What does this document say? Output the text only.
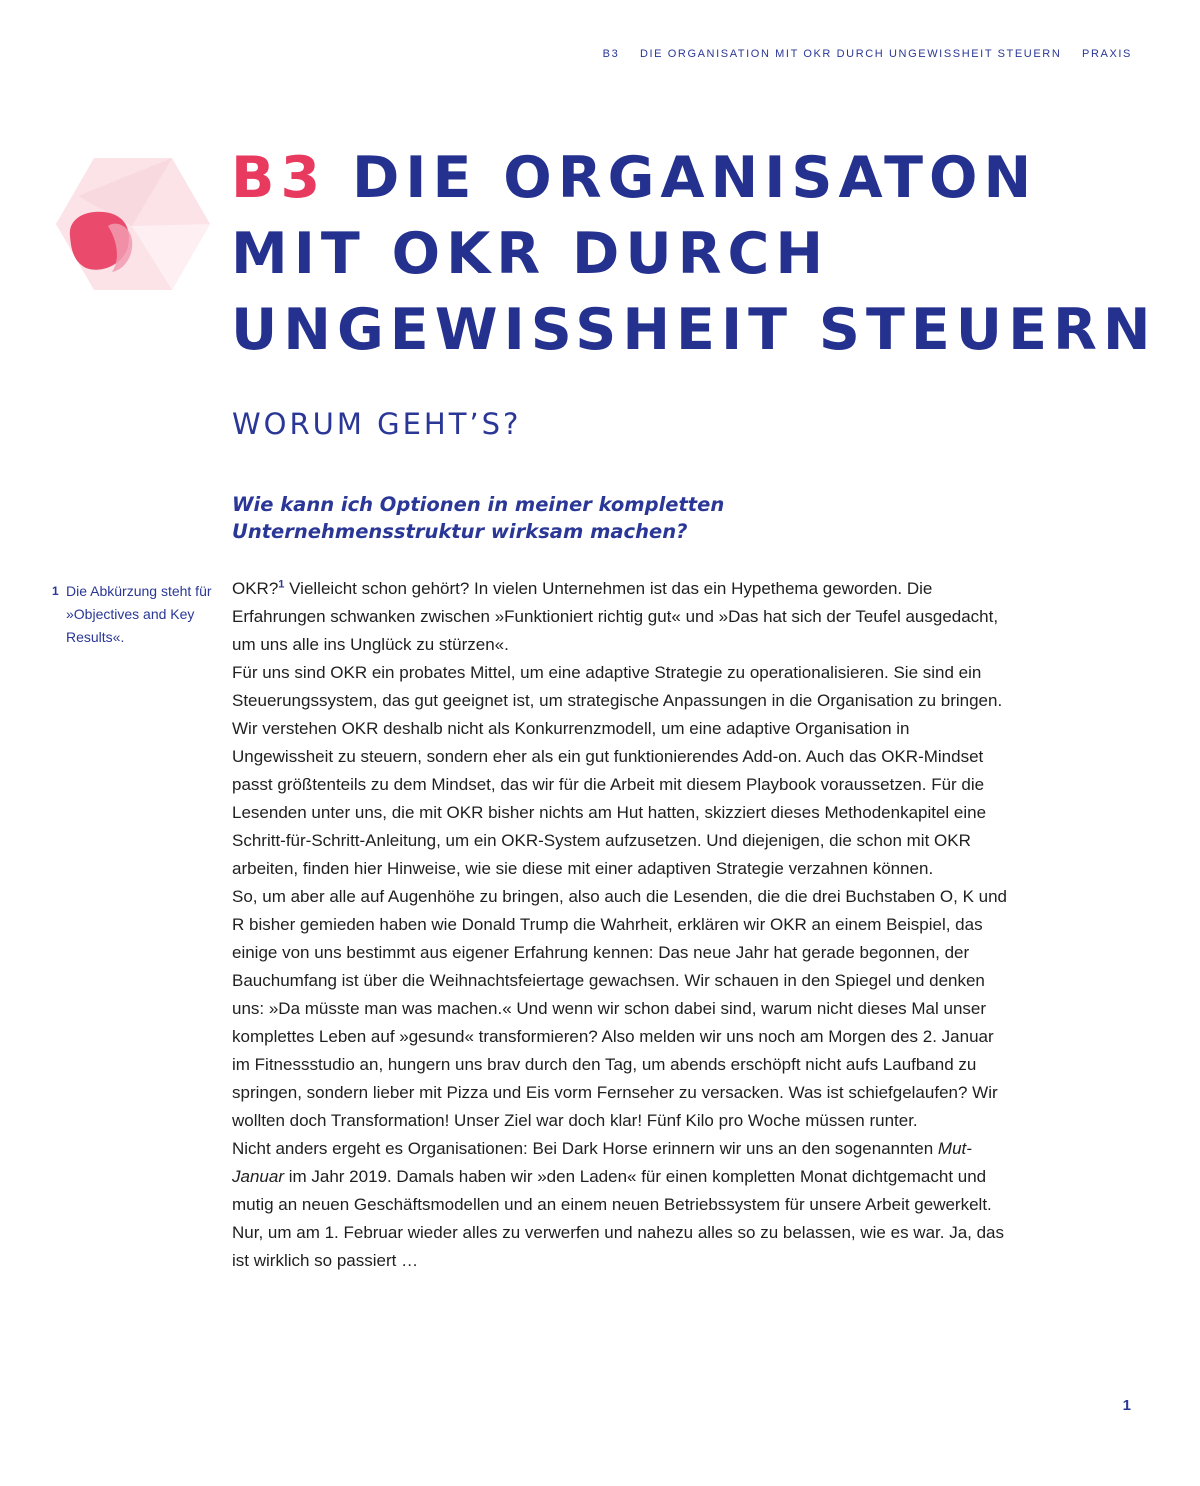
B3 DIE ORGANISATION MIT OKR DURCH UNGEWISSHEIT STEUERN PRAXIS
B3 DIE ORGANISATON
MIT OKR DURCH
UNGEWISSHEIT STEUERN
WORUM GEHT’S?

Wie kann ich Optionen in meiner kompletten Unternehmensstruktur wirksam machen?

1 Die Abkürzung steht für »Objectives and Key Results«.

OKR?$^1$ Vielleicht schon gehört? In vielen Unternehmen ist das ein Hypethema geworden. Die Erfahrungen schwanken zwischen »Funktioniert richtig gut« und »Das hat sich der Teufel ausgedacht, um uns alle ins Unglück zu stürzen«.

Für uns sind OKR ein probates Mittel, um eine adaptive Strategie zu operationalisieren. Sie sind ein Steuerungssystem, das gut geeignet ist, um strategische Anpassungen in die Organisation zu bringen. Wir verstehen OKR deshalb nicht als Konkurrenzmodell, um eine adaptive Organisation in Ungewissheit zu steuern, sondern eher als ein gut funktionierendes Add-on. Auch das OKR-Mindset passt größtenteils zu dem Mindset, das wir für die Arbeit mit diesem Playbook voraussetzen. Für die Lesenden unter uns, die mit OKR bisher nichts am Hut hatten, skizziert dieses Methodenkapitel eine Schritt-für-Schritt-Anleitung, um ein OKR-System aufzusetzen. Und diejenigen, die schon mit OKR arbeiten, finden hier Hinweise, wie sie diese mit einer adaptiven Strategie verzahnen können.

So, um aber alle auf Augenhöhe zu bringen, also auch die Lesenden, die die drei Buchstaben O, K und R bisher gemieden haben wie Donald Trump die Wahrheit, erklären wir OKR an einem Beispiel, das einige von uns bestimmt aus eigener Erfahrung kennen: Das neue Jahr hat gerade begonnen, der Bauchumfang ist über die Weihnachtsfeiertage gewachsen. Wir schauen in den Spiegel und denken uns: »Da müsste man was machen.« Und wenn wir schon dabei sind, warum nicht dieses Mal unser komplettes Leben auf »gesund« transformieren? Also melden wir uns noch am Morgen des 2. Januar im Fitnessstudio an, hungern uns brav durch den Tag, um abends erschöpft nicht aufs Laufband zu springen, sondern lieber mit Pizza und Eis vorm Fernseher zu versacken. Was ist schiefgelaufen? Wir wollten doch Transformation! Unser Ziel war doch klar! Fünf Kilo pro Woche müssen runter.

Nicht anders ergeht es Organisationen: Bei Dark Horse erinnern wir uns an den sogenannten Mut-Januar im Jahr 2019. Damals haben wir »den Laden« für einen kompletten Monat dichtgemacht und mutig an neuen Geschäftsmodellen und an einem neuen Betriebssystem für unsere Arbeit gewerkelt. Nur, um am 1. Februar wieder alles zu verwerfen und nahezu alles so zu belassen, wie es war. Ja, das ist wirklich so passiert …

1
